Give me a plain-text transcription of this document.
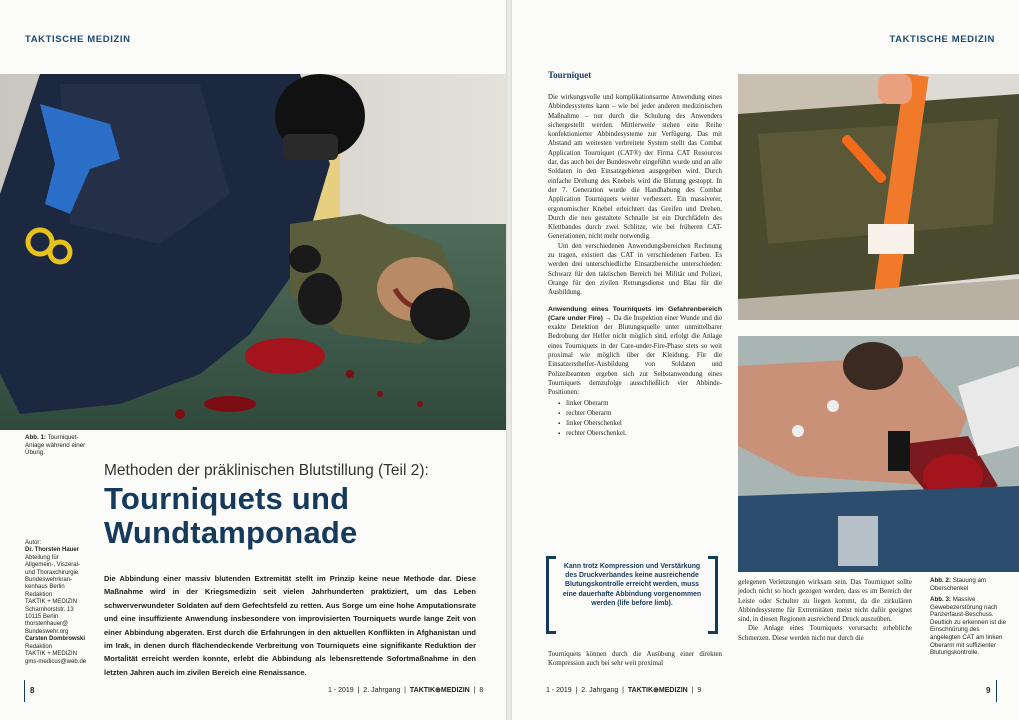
TAKTISCHE MEDIZIN
Abb. 1: Tourniquet-Anlage während einer Übung.
Methoden der präklinischen Blutstillung (Teil 2):
Tourniquets und
Wundtamponade
Autor:
Dr. Thorsten Hauer
Abteilung für
Allgemein-, Viszeral-
und Thoraxchirurgie
Bundeswehrkran-
kenhaus Berlin
Redaktion
TAKTIK + MEDIZIN
Scharnhorststr. 13
10115 Berlin
thorstenhauer@
Bundeswehr.org
Carsten Dombrowski
Redaktion
TAKTIK + MEDIZIN
gms-medicus@web.de
Die Abbindung einer massiv blutenden Extremität stellt im Prinzip keine neue Methode dar. Diese Maßnahme wird in der Kriegsmedizin seit vielen Jahrhunderten praktiziert, um das Leben schwerverwundeter Soldaten auf dem Gefechtsfeld zu retten. Aus Sorge um eine hohe Amputationsrate und eine insuffiziente Anwendung insbesondere von improvisierten Tourniquets wurde lange Zeit von einer Abbindung abgeraten. Erst durch die Erfahrungen in den aktuellen Konflikten in Afghanistan und im Irak, in denen durch flächendeckende Verbreitung von Tourniquets eine signifikante Reduktion der Mortalität erreicht werden konnte, erlebt die Abbindung als lebensrettende Sofortmaßnahme in den letzten Jahren auch im zivilen Bereich eine Renaissance.
8	1 - 2019  |  2. Jahrgang  |  TAKTIK⊕MEDIZIN  |  8
TAKTISCHE MEDIZIN
Tourniquet

Die wirkungsvolle und komplikationsarme Anwendung eines Abbindesystems kann – wie bei jeder anderen medizinischen Maßnahme – nur durch die Schulung des Anwenders sichergestellt werden. Mittlerweile stehen eine Reihe konfektionierter Abbindesysteme zur Verfügung. Das mit Abstand am weitesten verbreitete System stellt das Combat Application Tourniquet (CAT®) der Firma CAT Resources dar, das auch bei der Bundeswehr eingeführt wurde und an alle Soldaten in den Einsatzgebieten ausgegeben wird. Durch einfache Drehung des Knebels wird die Blutung gestoppt. In der 7. Generation wurde die Handhabung des Combat Application Tourniquets weiter verbessert. Ein massiverer, ergonomischer Knebel erleichtert das Greifen und Drehen. Durch die neu gestaltete Schnalle ist ein Durchfädeln des Klettbandes durch zwei Schlitze, wie bei früheren CAT-Generationen, nicht mehr notwendig.

Um den verschiedenen Anwendungsbereichen Rechnung zu tragen, existiert das CAT in verschiedenen Farben. Es werden drei unterschiedliche Einsatzbereiche unterschieden: Schwarz für den taktischen Bereich bei Militär und Polizei, Orange für den zivilen Rettungsdienst und Blau für die Ausbildung.

Anwendung eines Tourniquets im Gefahrenbereich (Care under Fire) → Da die Inspektion einer Wunde und die exakte Detektion der Blutungsquelle unter unmittelbarer Bedrohung der Helfer nicht möglich sind, erfolgt die Anlage eines Tourniquets in der Care-under-Fire-Phase stets so weit proximal wie möglich über der Kleidung. Für die Einsatzersthelfer-Ausbildung von Soldaten und Polizeibeamten ergeben sich zur Selbstanwendung eines Tourniquets demzufolge ausschließlich vier Abbinde-Positionen:

▪ linker Oberarm
▪ rechter Oberarm
▪ linker Oberschenkel
▪ rechter Oberschenkel.
Kann trotz Kompression und Verstärkung des Druckverbandes keine ausreichende Blutungskontrolle erreicht werden, muss eine dauerhafte Abbindung vorgenommen werden (life before limb).

Tourniquets können durch die Ausübung einer direkten Kompression auch bei sehr weit proximal

gelegenen Verletzungen wirksam sein. Das Tourniquet sollte jedoch nicht so hoch gezogen werden, dass es im Bereich der Leiste oder Schulter zu liegen kommt, da die zirkulären Abbindesysteme für Extremitäten meist nicht dafür geeignet sind, in diesen Regionen ausreichend Druck auszuüben.

Die Anlage eines Tourniquets verursacht erhebliche Schmerzen. Diese werden nicht nur durch die

Abb. 2: Stauung am Oberschenkel
Abb. 3: Massive Gewebezerstörung nach Panzerfaust-Beschuss. Deutlich zu erkennen ist die Einschnürung des angelegten CAT am linken Oberarm mit suffizienter Blutungskontrolle.
1 - 2019  |  2. Jahrgang  |  TAKTIK⊕MEDIZIN  |  9	9
